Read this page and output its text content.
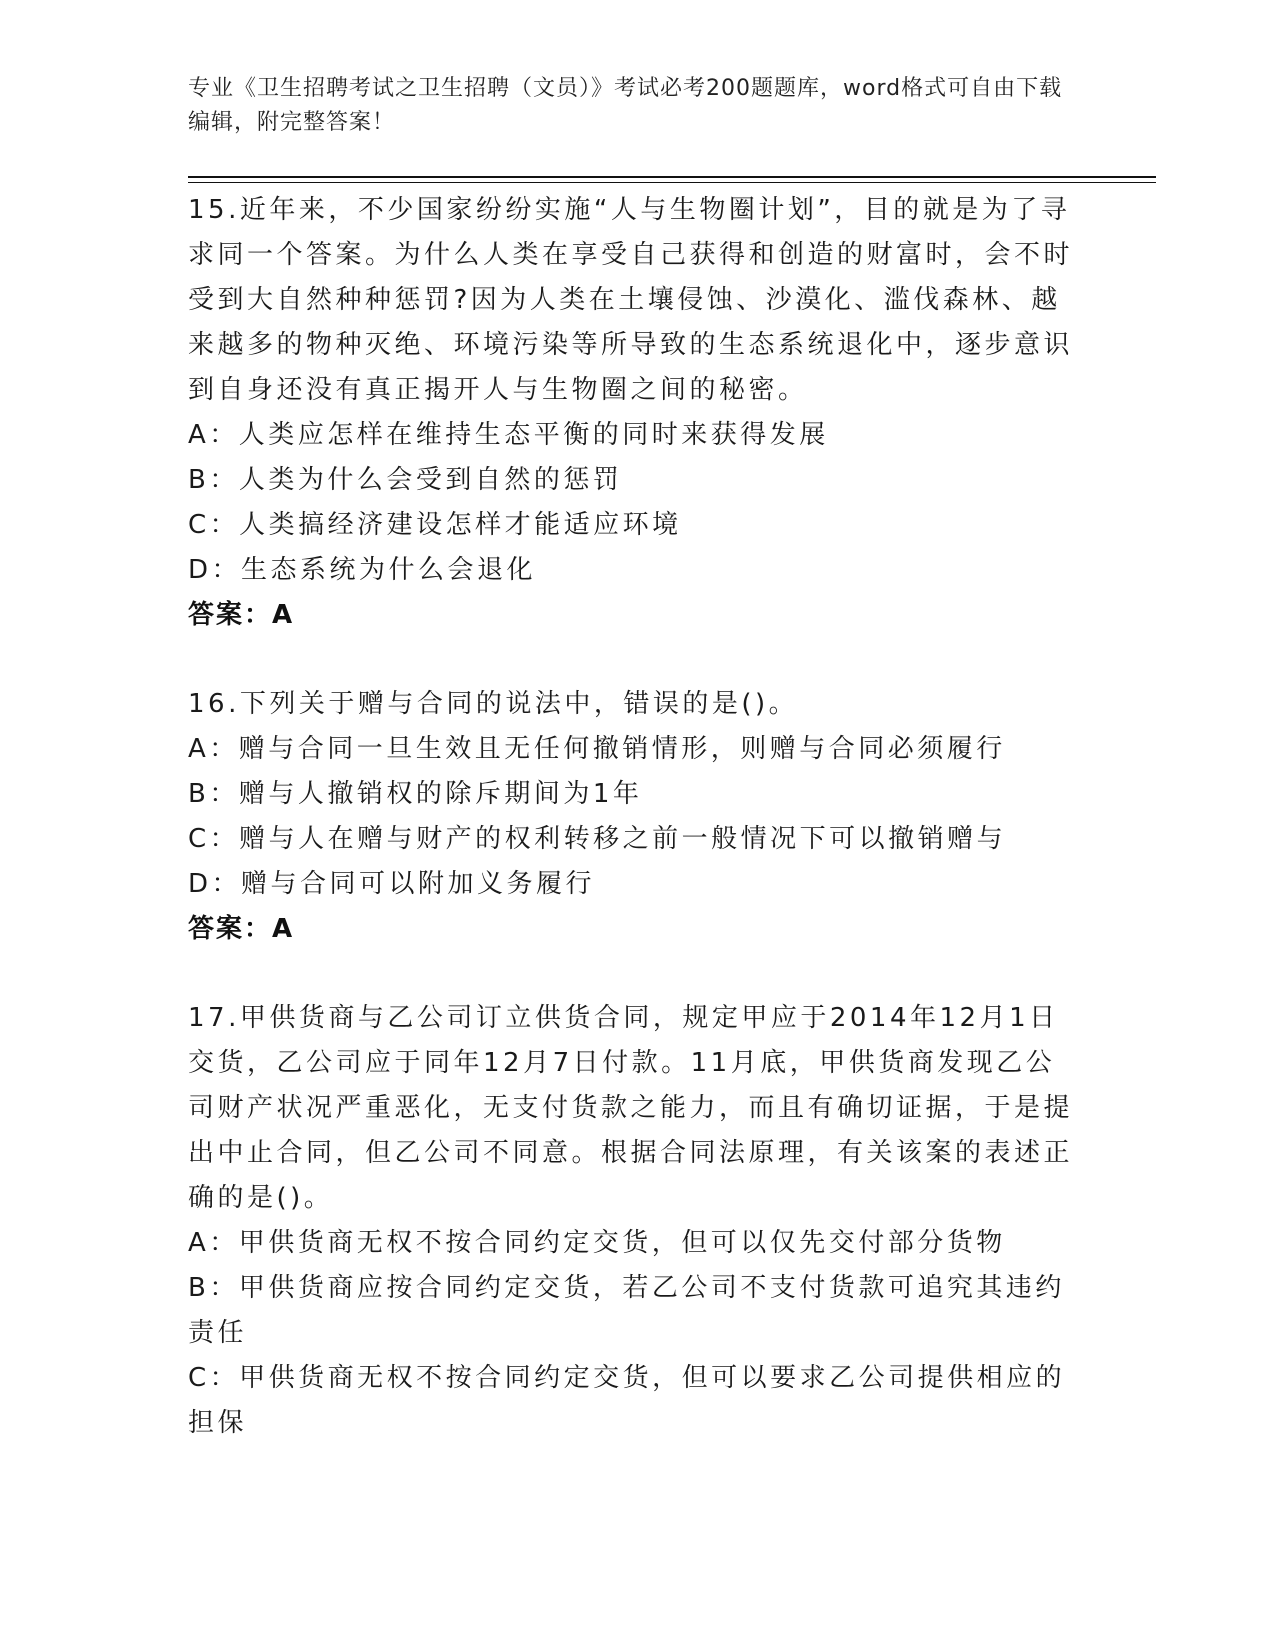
专业《卫生招聘考试之卫生招聘（文员）》考试必考200题题库，word格式可自由下载编辑，附完整答案！
15.近年来，不少国家纷纷实施“人与生物圈计划”，目的就是为了寻求同一个答案。为什么人类在享受自己获得和创造的财富时，会不时受到大自然种种惩罚?因为人类在土壤侵蚀、沙漠化、滥伐森林、越来越多的物种灭绝、环境污染等所导致的生态系统退化中，逐步意识到自身还没有真正揭开人与生物圈之间的秘密。
A：人类应怎样在维持生态平衡的同时来获得发展
B：人类为什么会受到自然的惩罚
C：人类搞经济建设怎样才能适应环境
D：生态系统为什么会退化
答案：A
16.下列关于赠与合同的说法中，错误的是()。
A：赠与合同一旦生效且无任何撤销情形，则赠与合同必须履行
B：赠与人撤销权的除斥期间为1年
C：赠与人在赠与财产的权利转移之前一般情况下可以撤销赠与
D：赠与合同可以附加义务履行
答案：A
17.甲供货商与乙公司订立供货合同，规定甲应于2014年12月1日交货，乙公司应于同年12月7日付款。11月底，甲供货商发现乙公司财产状况严重恶化，无支付货款之能力，而且有确切证据，于是提出中止合同，但乙公司不同意。根据合同法原理，有关该案的表述正确的是()。
A：甲供货商无权不按合同约定交货，但可以仅先交付部分货物
B：甲供货商应按合同约定交货，若乙公司不支付货款可追究其违约责任
C：甲供货商无权不按合同约定交货，但可以要求乙公司提供相应的担保
